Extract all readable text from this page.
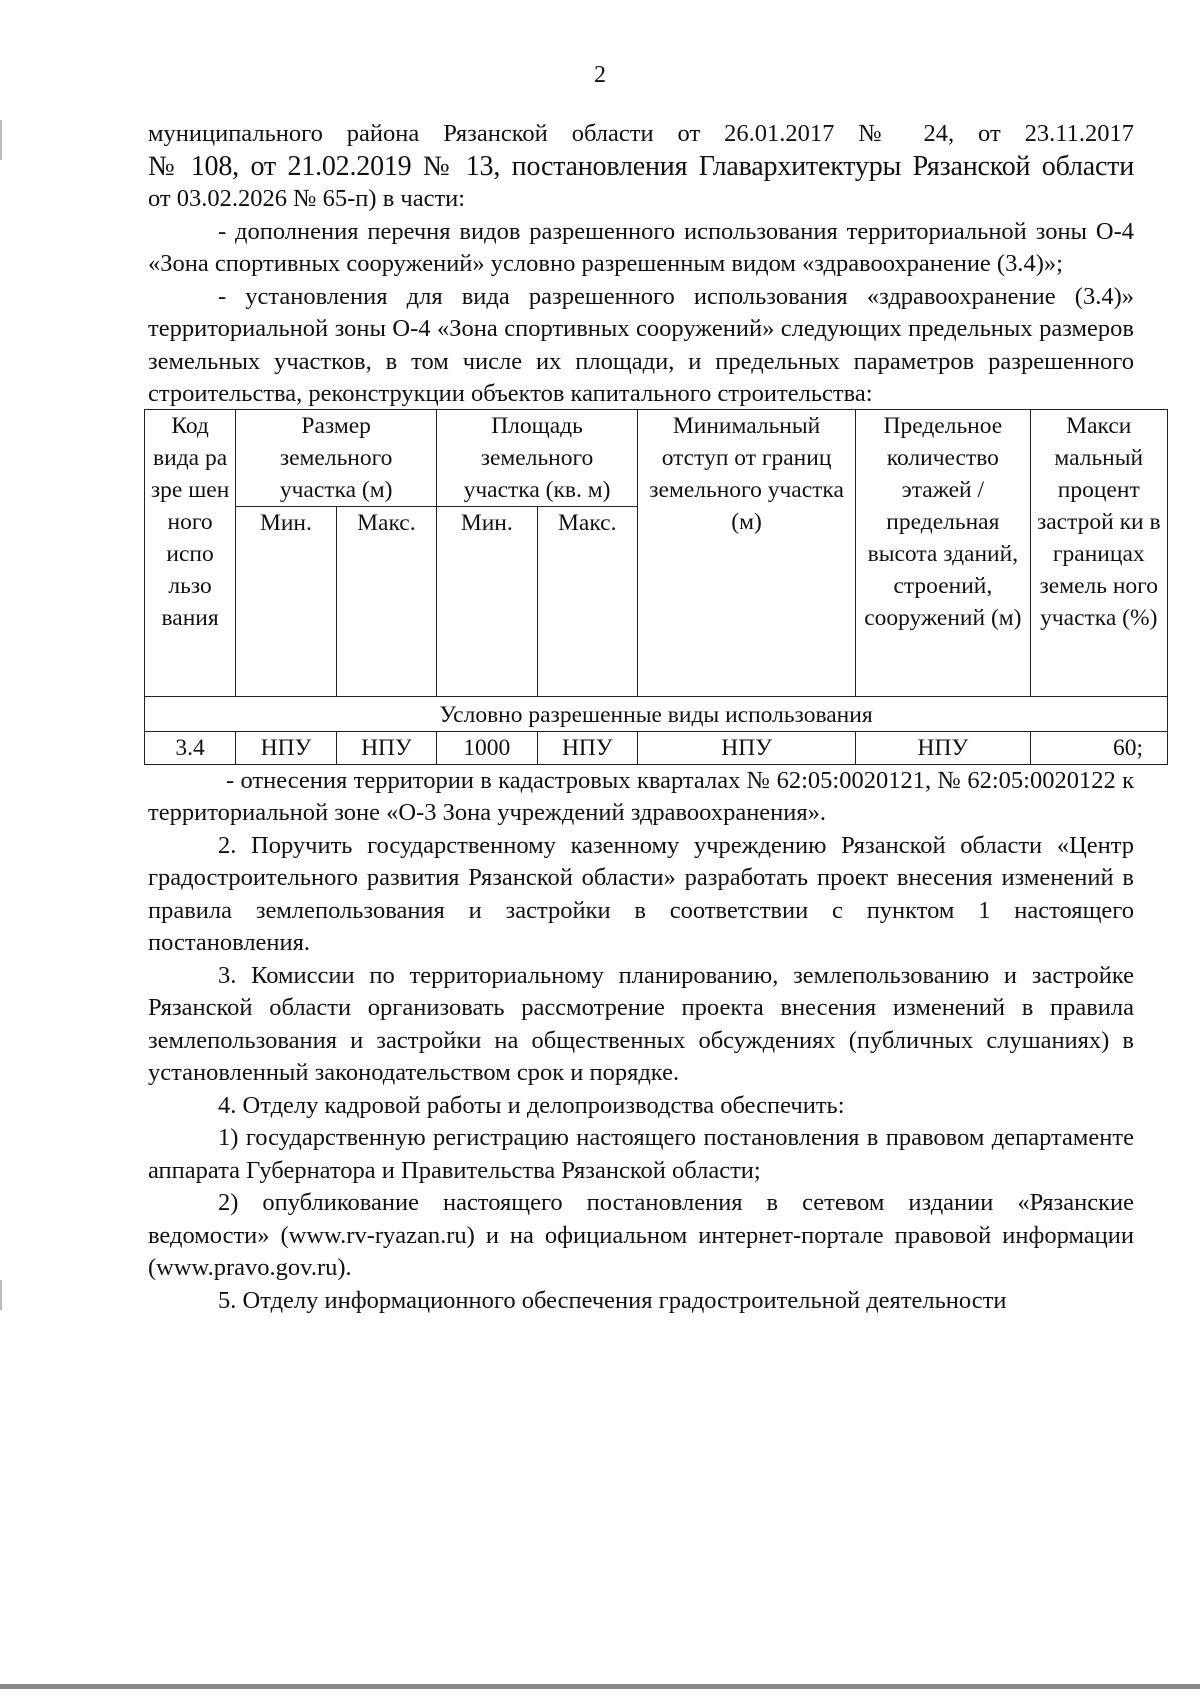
2

муниципального района Рязанской области от 26.01.2017 № 24, от 23.11.2017

№ 108, от 21.02.2019 № 13, постановления Главархитектуры Рязанской области

от 03.02.2026 № 65-п) в части:

- дополнения перечня видов разрешенного использования территориальной зоны О-4 «Зона спортивных сооружений» условно разрешенным видом «здравоохранение (3.4)»;

- установления для вида разрешенного использования «здравоохранение (3.4)» территориальной зоны О-4 «Зона спортивных сооружений» следующих предельных размеров земельных участков, в том числе их площади, и предельных параметров разрешенного строительства, реконструкции объектов капитального строительства:

Код вида ра зре шен ного испо льзо вания	Размер земельного участка (м)		Площадь земельного участка (кв. м)		Минимальный отступ от границ земельного участка (м)	Предельное количество этажей / предельная высота зданий, строений, сооружений (м)	Макси мальный процент застрой ки в границах земель ного участка (%)
	Мин.	Макс.	Мин.	Макс.			
Условно разрешенные виды использования							
3.4	НПУ	НПУ	1000	НПУ	НПУ	НПУ	60;

- отнесения территории в кадастровых кварталах № 62:05:0020121, № 62:05:0020122 к территориальной зоне «О-3 Зона учреждений здравоохранения».

2. Поручить государственному казенному учреждению Рязанской области «Центр градостроительного развития Рязанской области» разработать проект внесения изменений в правила землепользования и застройки в соответствии с пунктом 1 настоящего постановления.

3. Комиссии по территориальному планированию, землепользованию и застройке Рязанской области организовать рассмотрение проекта внесения изменений в правила землепользования и застройки на общественных обсуждениях (публичных слушаниях) в установленный законодательством срок и порядке.

4. Отделу кадровой работы и делопроизводства обеспечить:

1) государственную регистрацию настоящего постановления в правовом департаменте аппарата Губернатора и Правительства Рязанской области;

2) опубликование настоящего постановления в сетевом издании «Рязанские ведомости» (www.rv-ryazan.ru) и на официальном интернет-портале правовой информации (www.pravo.gov.ru).

5. Отделу информационного обеспечения градостроительной деятельности
